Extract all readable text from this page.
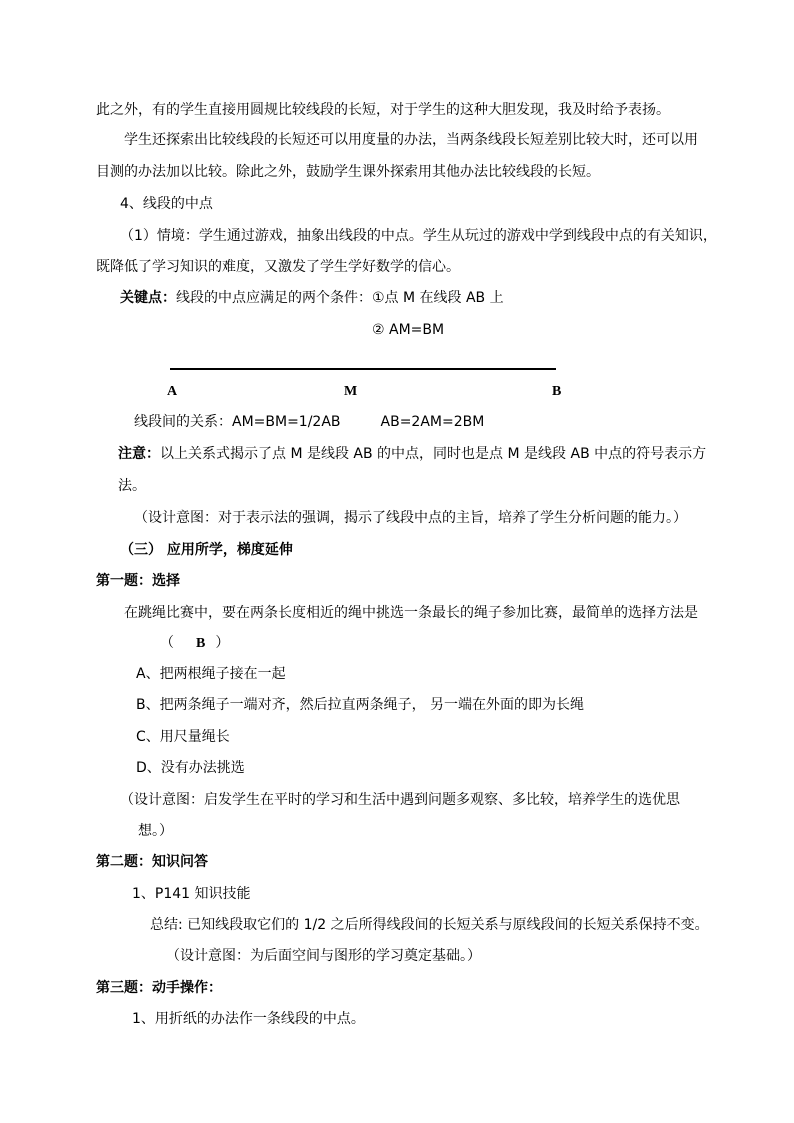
此之外，有的学生直接用圆规比较线段的长短，对于学生的这种大胆发现，我及时给予表扬。
学生还探索出比较线段的长短还可以用度量的办法，当两条线段长短差别比较大时，还可以用
目测的办法加以比较。除此之外，鼓励学生课外探索用其他办法比较线段的长短。
4、线段的中点
（1）情境：学生通过游戏，抽象出线段的中点。学生从玩过的游戏中学到线段中点的有关知识，
既降低了学习知识的难度，又激发了学生学好数学的信心。
关键点：线段的中点应满足的两个条件：①点 M 在线段 AB 上
② AM=BM
A	M	B
线段间的关系：AM=BM=1/2AB	AB=2AM=2BM
注意：以上关系式揭示了点 M 是线段 AB 的中点，同时也是点 M 是线段 AB 中点的符号表示方
法。
（设计意图：对于表示法的强调，揭示了线段中点的主旨，培养了学生分析问题的能力。）
（三） 应用所学，梯度延伸
第一题：选择
在跳绳比赛中，要在两条长度相近的绳中挑选一条最长的绳子参加比赛，最简单的选择方法是
（ B ）
A、把两根绳子接在一起
B、把两条绳子一端对齐，然后拉直两条绳子， 另一端在外面的即为长绳
C、用尺量绳长
D、没有办法挑选
（设计意图：启发学生在平时的学习和生活中遇到问题多观察、多比较，培养学生的选优思
想。）
第二题：知识问答
1、P141 知识技能
总结: 已知线段取它们的 1/2 之后所得线段间的长短关系与原线段间的长短关系保持不变。
（设计意图：为后面空间与图形的学习奠定基础。）
第三题：动手操作：
1、用折纸的办法作一条线段的中点。
